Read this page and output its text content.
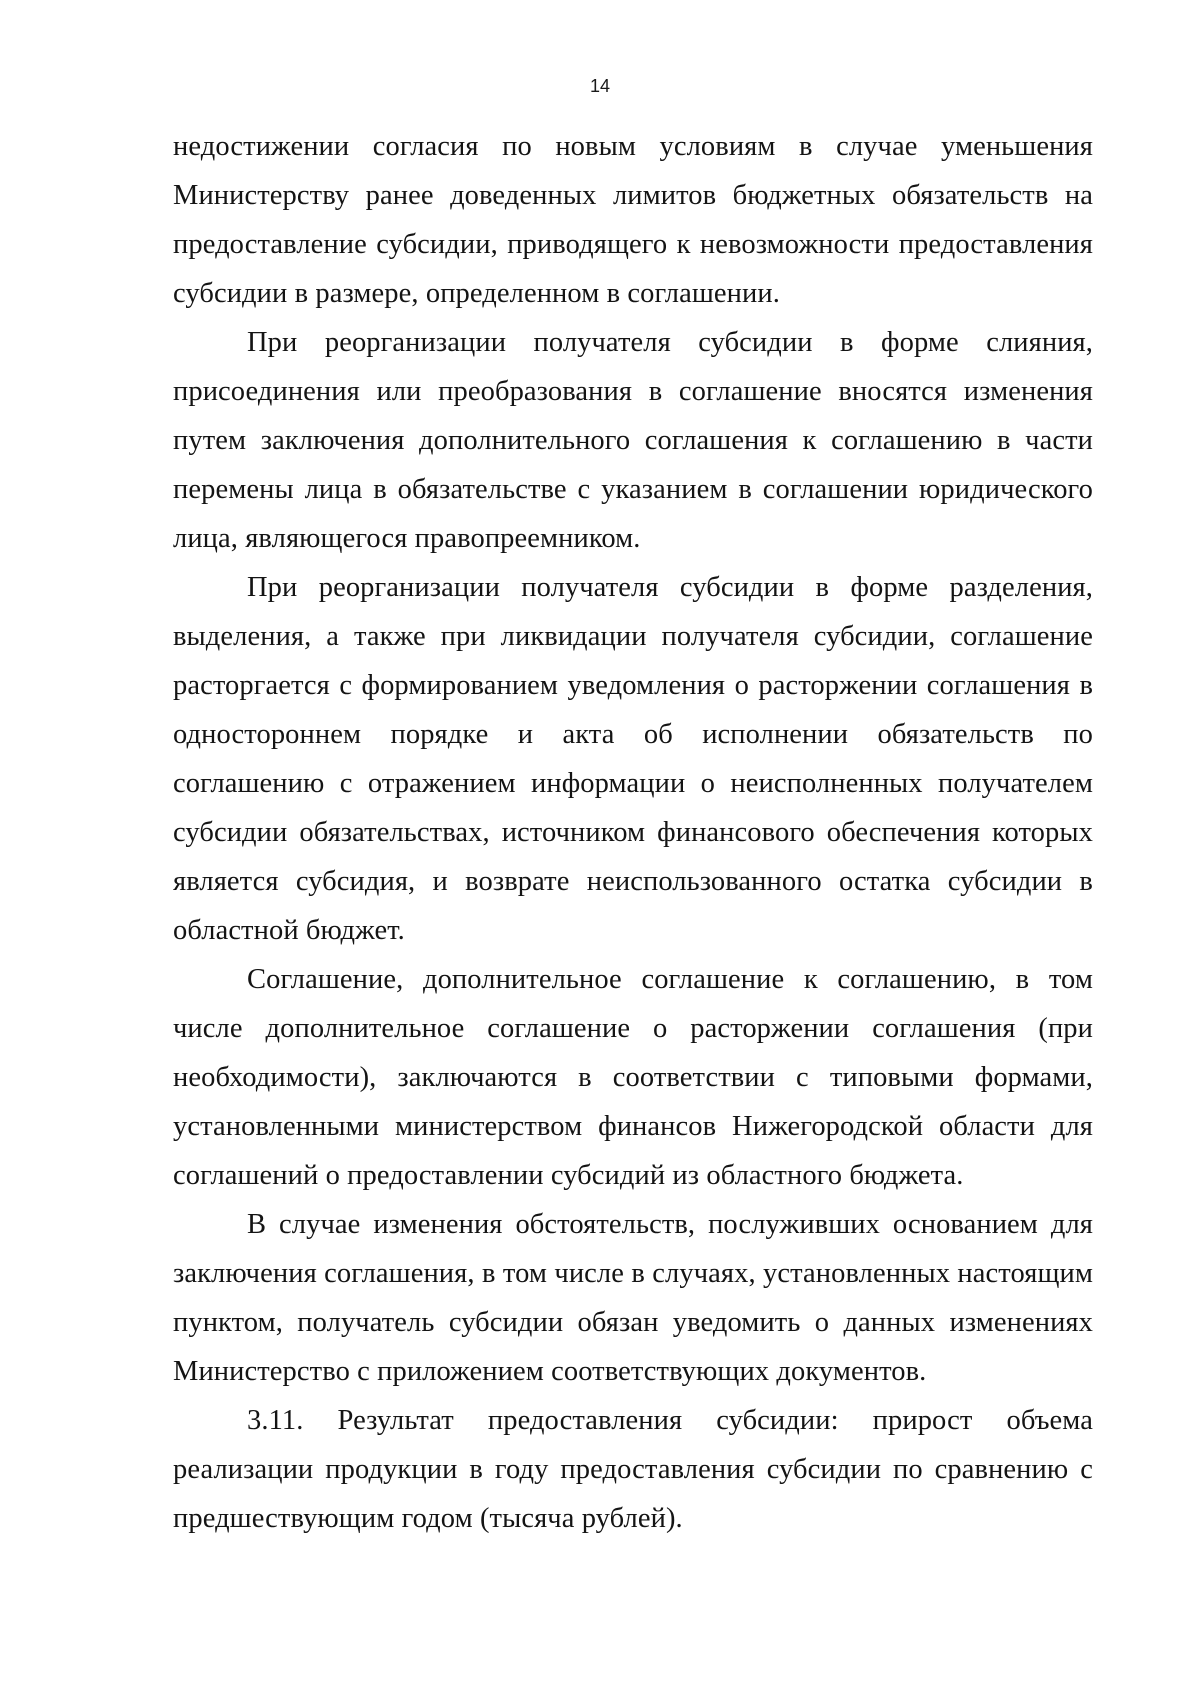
14

недостижении согласия по новым условиям в случае уменьшения Министерству ранее доведенных лимитов бюджетных обязательств на предоставление субсидии, приводящего к невозможности предоставления субсидии в размере, определенном в соглашении.

При реорганизации получателя субсидии в форме слияния, присоединения или преобразования в соглашение вносятся изменения путем заключения дополнительного соглашения к соглашению в части перемены лица в обязательстве с указанием в соглашении юридического лица, являющегося правопреемником.

При реорганизации получателя субсидии в форме разделения, выделения, а также при ликвидации получателя субсидии, соглашение расторгается с формированием уведомления о расторжении соглашения в одностороннем порядке и акта об исполнении обязательств по соглашению с отражением информации о неисполненных получателем субсидии обязательствах, источником финансового обеспечения которых является субсидия, и возврате неиспользованного остатка субсидии в областной бюджет.

Соглашение, дополнительное соглашение к соглашению, в том числе дополнительное соглашение о расторжении соглашения (при необходимости), заключаются в соответствии с типовыми формами, установленными министерством финансов Нижегородской области для соглашений о предоставлении субсидий из областного бюджета.

В случае изменения обстоятельств, послуживших основанием для заключения соглашения, в том числе в случаях, установленных настоящим пунктом, получатель субсидии обязан уведомить о данных изменениях Министерство с приложением соответствующих документов.

3.11. Результат предоставления субсидии: прирост объема реализации продукции в году предоставления субсидии по сравнению с предшествующим годом (тысяча рублей).
